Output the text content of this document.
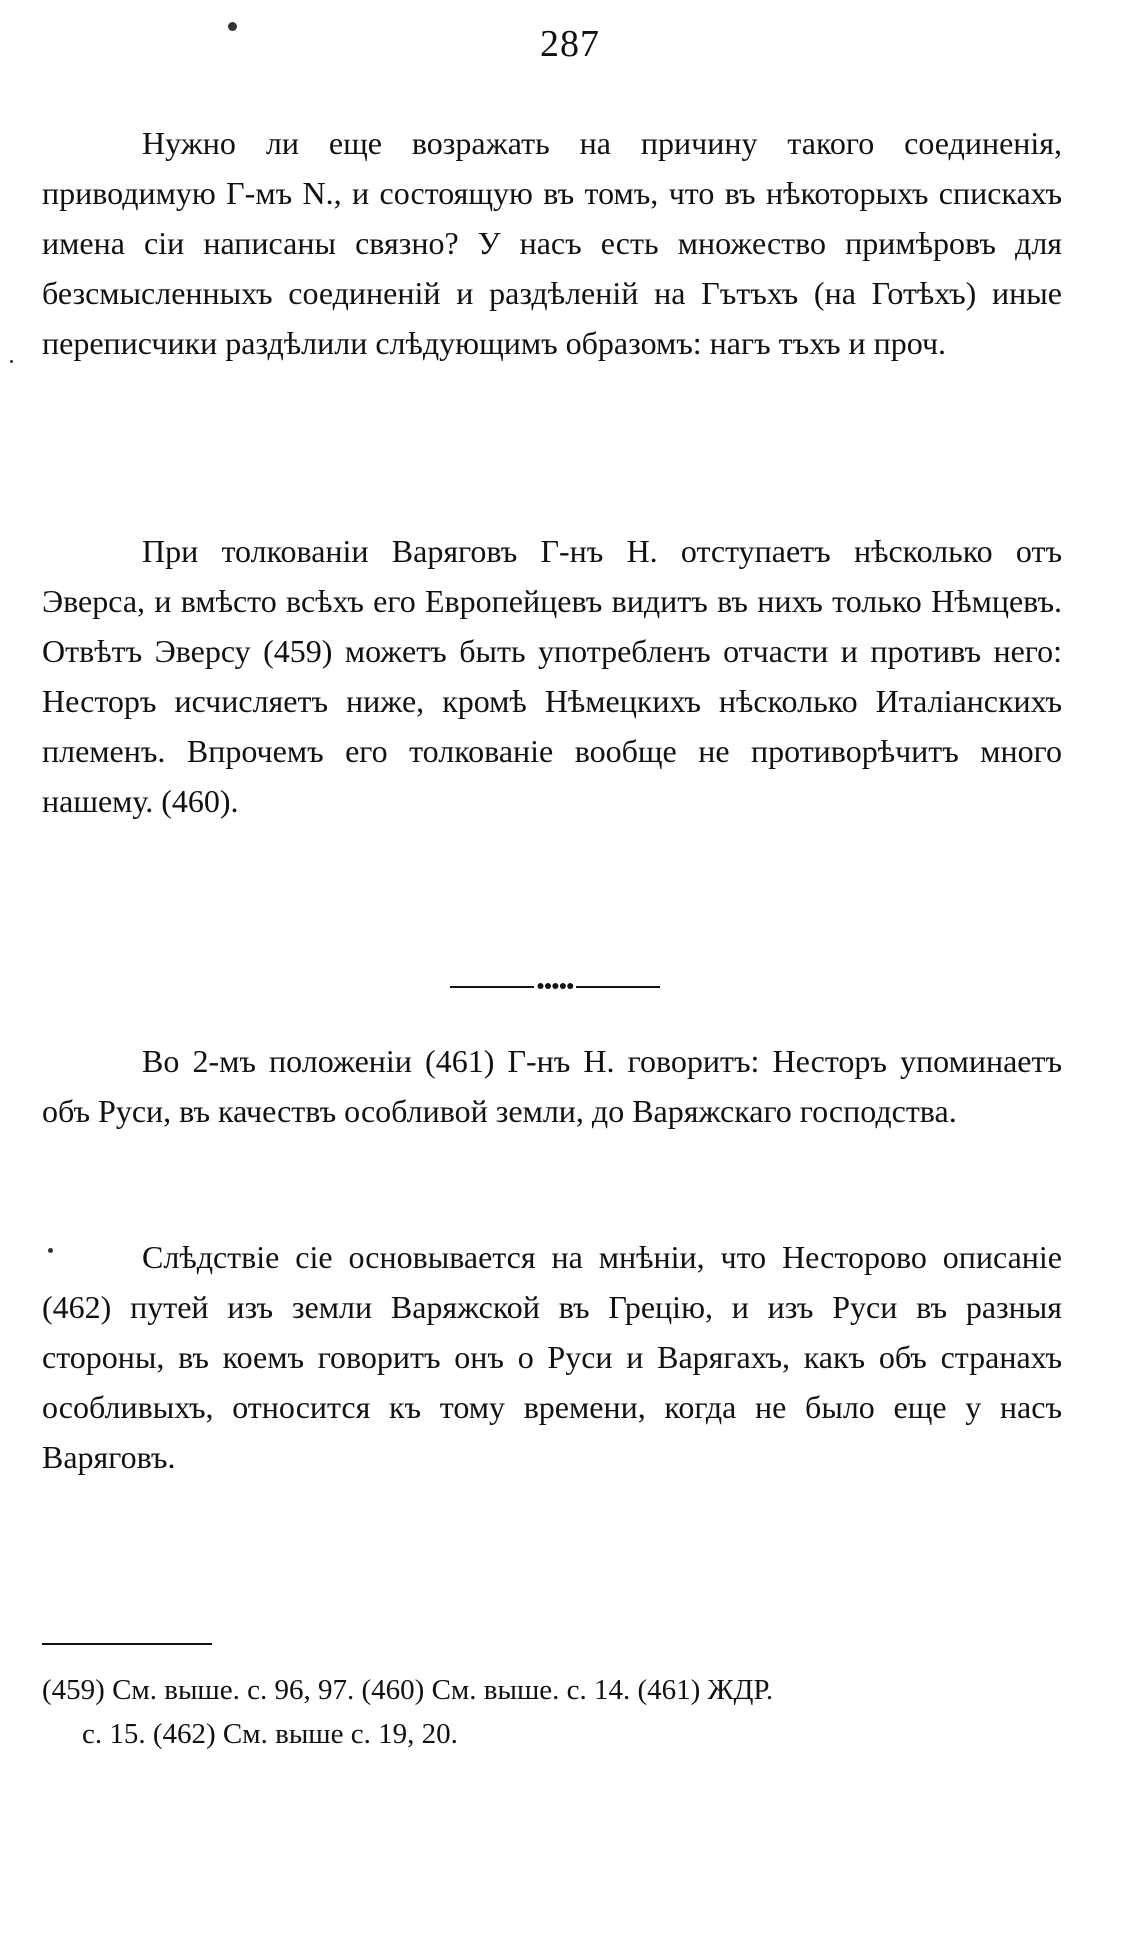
287
Нужно ли еще возражать на причину такого соединенія, приводимую Г-мъ N., и состоящую въ томъ, что въ нѣкоторыхъ спискахъ имена сіи написаны связно? У насъ есть множество примѣровъ для безсмысленныхъ соединеній и раздѣленій на Гътъхъ (на Готѣхъ) иные переписчики раздѣлили слѣдующимъ образомъ: нагъ тъхъ и проч.
При толкованіи Варяговъ Г-нъ Н. отступаетъ нѣсколько отъ Эверса, и вмѣсто всѣхъ его Европейцевъ видитъ въ нихъ только Нѣмцевъ. Отвѣтъ Эверсу (459) можетъ быть употребленъ отчасти и противъ него: Несторъ исчисляетъ ниже, кромѣ Нѣмецкихъ нѣсколько Италіанскихъ племенъ. Впрочемъ его толкованіе вообще не противорѣчитъ много нашему. (460).
●●●●●
Во 2-мъ положеніи (461) Г-нъ Н. говоритъ: Несторъ упоминаетъ объ Руси, въ качествъ особливой земли, до Варяжскаго господства.
Слѣдствіе сіе основывается на мнѣніи, что Несторово описаніе (462) путей изъ земли Варяжской въ Грецію, и изъ Руси въ разныя стороны, въ коемъ говоритъ онъ о Руси и Варягахъ, какъ объ странахъ особливыхъ, относится къ тому времени, когда не было еще у насъ Варяговъ.
(459) См. выше. с. 96, 97. (460) См. выше. с. 14. (461) ЖДР.
с. 15. (462) См. выше с. 19, 20.
